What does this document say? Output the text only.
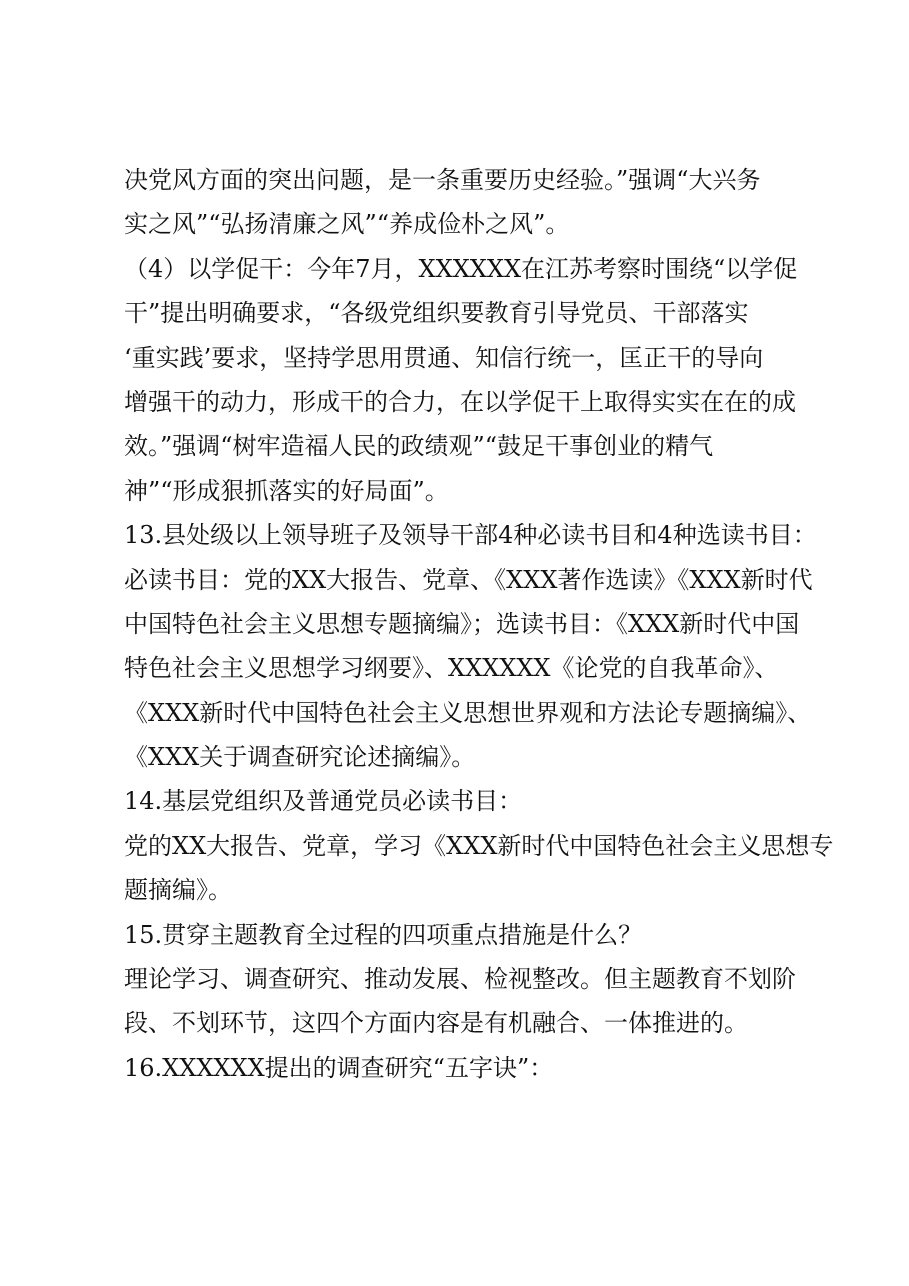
决党风方面的突出问题，是一条重要历史经验。”强调“大兴务
实之风”“弘扬清廉之风”“养成俭朴之风”。
（4）以学促干：今年7月，XXXXXX在江苏考察时围绕“以学促
干”提出明确要求，“各级党组织要教育引导党员、干部落实
‘重实践’要求，坚持学思用贯通、知信行统一，匡正干的导向
增强干的动力，形成干的合力，在以学促干上取得实实在在的成
效。”强调“树牢造福人民的政绩观”“鼓足干事创业的精气
神”“形成狠抓落实的好局面”。
13.县处级以上领导班子及领导干部4种必读书目和4种选读书目：
必读书目：党的XX大报告、党章、《XXX著作选读》《XXX新时代
中国特色社会主义思想专题摘编》；选读书目：《XXX新时代中国
特色社会主义思想学习纲要》、XXXXXX《论党的自我革命》、
《XXX新时代中国特色社会主义思想世界观和方法论专题摘编》、
《XXX关于调查研究论述摘编》。
14.基层党组织及普通党员必读书目：
党的XX大报告、党章，学习《XXX新时代中国特色社会主义思想专
题摘编》。
15.贯穿主题教育全过程的四项重点措施是什么？
理论学习、调查研究、推动发展、检视整改。但主题教育不划阶
段、不划环节，这四个方面内容是有机融合、一体推进的。
16.XXXXXX提出的调查研究“五字诀”：
